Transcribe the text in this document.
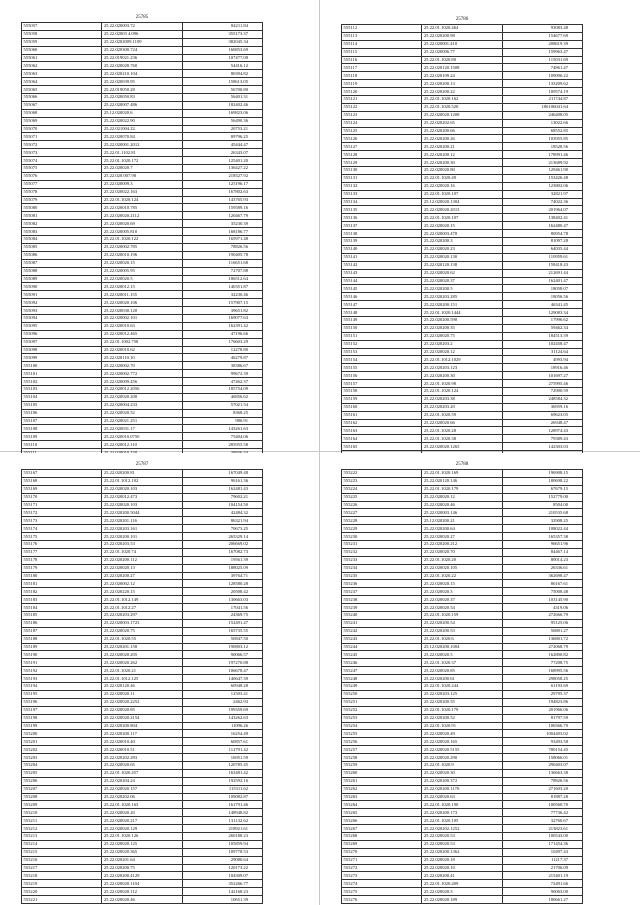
25785		
555057	25.22.020003.72	84211.84
555058	25.22.02003 4.096	355173.37
555059	25.22.0202009.1109	382045.34
555060	25.22.020300.724	160853.69
555061	25.22.019021.236	107477.08
555062	25.22.020028.760	54416.12
555063	25.22.020210.104	80394.82
555064	25.22.020039.95	158613.05
555065	25.22.019050.28	56700.80
555066	25.22.020050.83	56401.31
555067	25.22.020007.486	182402.46
555068	25.12.020020.6	169823.06
555069	25.22.020022.90	56490.36
555070	25.22.021004.22	20753.21
555071	25.22.020070.84	89796.25
555072	25.22.020001.2012	45444.47
555073	25.22.01.1102.81	26343.07
555074	25.22.01.1020.172	125401.20
555075	25.22.020020.7	136427.22
555076	25.22.020.007.98	218527.92
555077	25.22.020009.3	125196.17
555078	25.22.020022.163	167802.63
555079	25.22.01.1020.124	143765.93
555080	25.22.020010.785	159589.16
555081	25.22.020020.2112	120467.79
555082	25.22.020020.69	35230.39
555083	25.22.020005.810	168186.77
555084	25.22.01.1020.122	165971.48
555085	25.22.020002.785	78826.56
555086	25.22.020010.196	190405.78
555087	25.22.020020.15	116651.68
555088	25.22.020005.95	72707.88
555089	25.22.020020.5	186512.64
555090	25.22.020012.15	140351.87
555091	25.22.020011.155	32230.46
555092	25.22.020020.106	157907.15
555093	25.22.020030.120	39651.82
555094	25.22.020002.101	169077.63
555095	25.22.020010.63	162391.42
555096	25.22.020012.465	47196.66
555097	25.22.01.1002.758	176603.29
555098	25.22.020010.62	12278.80
555099	25.22.020110.10	46279.87
555100	25.22.020002.70	38386.67
555101	25.22.020002.772	99672.39
555102	25.22.020009.456	47462.37
555103	25.22.020012.2056	185754.09
555104	25.22.020020.200	46856.62
555105	25.22.020004.233	57021.54
555106	25.22.020020.52	8368.25
555107	25.22.020021.251	986.91
555108	25.22.020031.17	143261.63
555109	25.22.020010.0750	75404.06
555110	25.22.020012.110	285955.58

25786		
555112	25.22.01.1020.464	93083.48
555113	25.22.020200.98	154677.69
555114	25.22.020001.410	208619.39
555115	25.22.020006.77	159963.47
555116	25.22.01.1020.80	115031.69
555117	25.22.020120.1508	74861.47
555118	25.22.020109.24	109096.22
555119	25.22.020200.13	133209.62
555120	25.22.020200.22	109574.19
555121	25.22.01.1020.162	211744.87
555122	25.22.01.1020.520	186106041.64
555123	25.22.020020.1208	246408.05
555124	25.22.020202.65	13022.66
555125	25.22.020200.66	68552.85
555126	25.22.020200.26	103955.85
555127	25.22.020200.21	18528.56
555128	25.22.020200.12	178991.46
555129	25.22.020200.30	213689.92
555130	25.22.020020.80	129461.90
555131	25.22.01.1020.49	153426.48
555132	25.22.020020.16	123802.06
555133	25.22.01.1020.107	32821.97
555134	25.12.020020.1304	74022.36
555135	25.22.020020.2013	201964.07
555136	25.22.01.1020.107	138402.41
555137	25.22.020020.15	162480.47
555138	25.22.020003.478	80954.78
555139	25.22.020200.3	81097.28
555140	25.22.020020.23	64035.44
555141	25.22.020020.130	110959.61
555142	25.22.020120.138	158418.43
555143	25.22.020020.62	212691.44
555144	25.22.020020.37	162401.47
555145	25.22.020200.5	18058.07
555146	25.22.020203.285	18056.56
555147	25.22.020200.151	46341.45
555148	25.22.01.1020.1444	129083.34
555149	25.22.020200.590	17996.62
555150	25.22.020200.35	59462.34
555151	25.22.020020.75	184513.39
555152	25.22.020203.2	102458.47
555153	25.22.020020.12	31124.64
555154	25.22.01.1012.1029	4993.94
555155	25.22.020203.123	18916.46
555156	25.22.020200.30	101697.27
555157	25.22.01.1020.98	275995.46
555158	25.22.01.1020.124	72900.59
555159	25.22.020203.38	248584.32
555160	25.22.020203.20	36959.16
555161	25.22.01.1020.59	69623.05
555162	25.22.020020.66	26948.47
555163	25.22.01.1020.28	128974.43
555164	25.22.01.1020.38	79389.43
555165	25.22.020020.1265	142303.03

25787		
555167	25.22.020200.81	167049.48
555168	25.22.01.1012.102	96161.36
555169	25.22.020020.103	162481.43
555170	25.22.020012.473	79602.21
555171	25.22.020020.103	104154.50
555172	25.22.020200.5044	42484.32
555173	25.22.020201.116	86321.94
555174	25.22.020203.161	70673.25
555175	25.22.020200.101	265329.14
555176	25.22.020203.53	206669.02
555177	25.22.01.1020.74	167082.73
555178	25.22.020200.112	19561.39
555179	25.22.020020.13	188025.09
555180	25.22.020200.27	39764.71
555181	25.22.020002.12	128580.28
555182	25.22.020220.15	20508.42
555183	25.22.01.1012.149	130663.03
555184	25.22.01.1012.27	17041.56
555185	25.22.020203.297	24369.75
555186	25.22.020003.1723	152491.47
555187	25.22.020020.75	165735.55
555188	25.22.01.1020.55	50847.50
555189	25.22.020201.158	190803.12
555190	25.22.020020.205	90066.57
555191	25.22.020020.262	197270.88
555192	25.22.01.1020.21	106678.47
555193	25.22.01.1012.125	140647.39
555194	25.22.020120.46	60948.28
555195	25.22.020020.11	12503.41
555196	25.22.020020.2252	2462.93
555197	25.22.020020.85	199359.69
555198	25.22.020020.2154	143262.63
555199	25.22.020200.804	11096.26
555200	25.22.020200.117	16254.49
555201	25.22.020010.40	60857.61
555202	25.22.020010.51	112791.42
555203	25.22.020202.283	16951.59
555204	25.22.020020.65	120785.45
555205	25.22.01.1020.457	163481.42
555206	25.22.020204.24	192592.16
555207	25.22.020020.157	115311.62
555208	25.22.020202.06	109082.87
555209	25.22.01.1020.163	161791.46
555210	25.22.020020.20	148948.82
555211	25.22.020020.217	131132.62
555212	25.22.020020.129	218921.61
555213	25.22.01.1020.126	260188.23
555214	25.22.020020.125	105859.94
555215	25.22.020020.365	109778.53
555216	25.22.020201.64	29080.64
555217	25.22.020200.75	120173.22
555218	25.22.020200.4129	104309.07
555219	25.22.020020.1104	352266.77
555220	25.22.020020.112	142168.23
555221	25.22.020020.46	10651.39
25788		
555222	25.22.01.1020.169	196908.15
555223	25.22.020120.146	180698.22
555224	25.22.01.1020.179	67679.15
555225	25.22.020020.12	152779.00
555226	25.22.020020.46	8504.00
555227	25.22.020003.146	210535.68
555228	25.12.020200.21	32908.25
555229	25.22.020200.64	108022.44
555230	25.22.020020.27	165357.38
555231	25.22.020200.212	96651.96
555232	25.22.020020.70	84467.14
555233	25.22.01.1020.20	80014.23
555234	25.22.020020.105	26336.61
555235	25.22.01.1020.22	362698.47
555236	25.22.020020.15	86167.61
555237	25.22.020020.3	75008.48
555238	25.22.020020.37	103145.90
555239	25.22.020020.54	4319.06
555240	25.22.01.1020.159	272666.79
555241	25.22.020200.54	95125.06
555242	25.22.020200.53	56801.27
555243	25.22.01.1020.6	136801.72
555244	25.12.020200.1004	272068.79
555245	25.22.020020.5	162800.82
555246	25.22.01.1020.37	77208.75
555247	25.22.020020.85	168995.56
555248	25.22.020200.61	298058.25
555249	25.22.01.1020.244	61193.69
555250	25.22.020203.125	29795.37
555251	25.22.020200.55	194823.86
555252	25.22.01.1020.179	201966.06
555253	25.22.020200.52	81797.59
555254	25.22.01.1020.91	106566.70
555255	25.22.020020.49	1004403.02
555256	25.22.020020.165	93493.58
555257	25.22.020020.5155	780154.45
555258	25.22.020020.290	158066.01
555259	25.22.01.1020.9	290403.07
555260	25.22.020020.30	136663.38
555261	25.22.020200.372	78826.56
555262	25.22.020200.1170	271603.20
555263	25.22.020020.63	81887.28
555264	25.22.01.1020.190	100560.70
555265	25.22.020200.173	77736.42
555266	25.22.01.1020.105	32760.67
555267	25.22.020202.1252	213823.61
555268	25.22.020020.53	100543.00
555269	25.22.020020.53	171454.36
555270	25.22.020200.1362	10497.43
555271	25.22.020020.18	11217.37
555272	25.22.020020.10	21706.09
555273	25.22.020200.41	215401.19
555274	25.22.01.1020.409	72491.66
555275	25.22.020020.3	90063.00
555276	25.22.020020.189	180661.27
